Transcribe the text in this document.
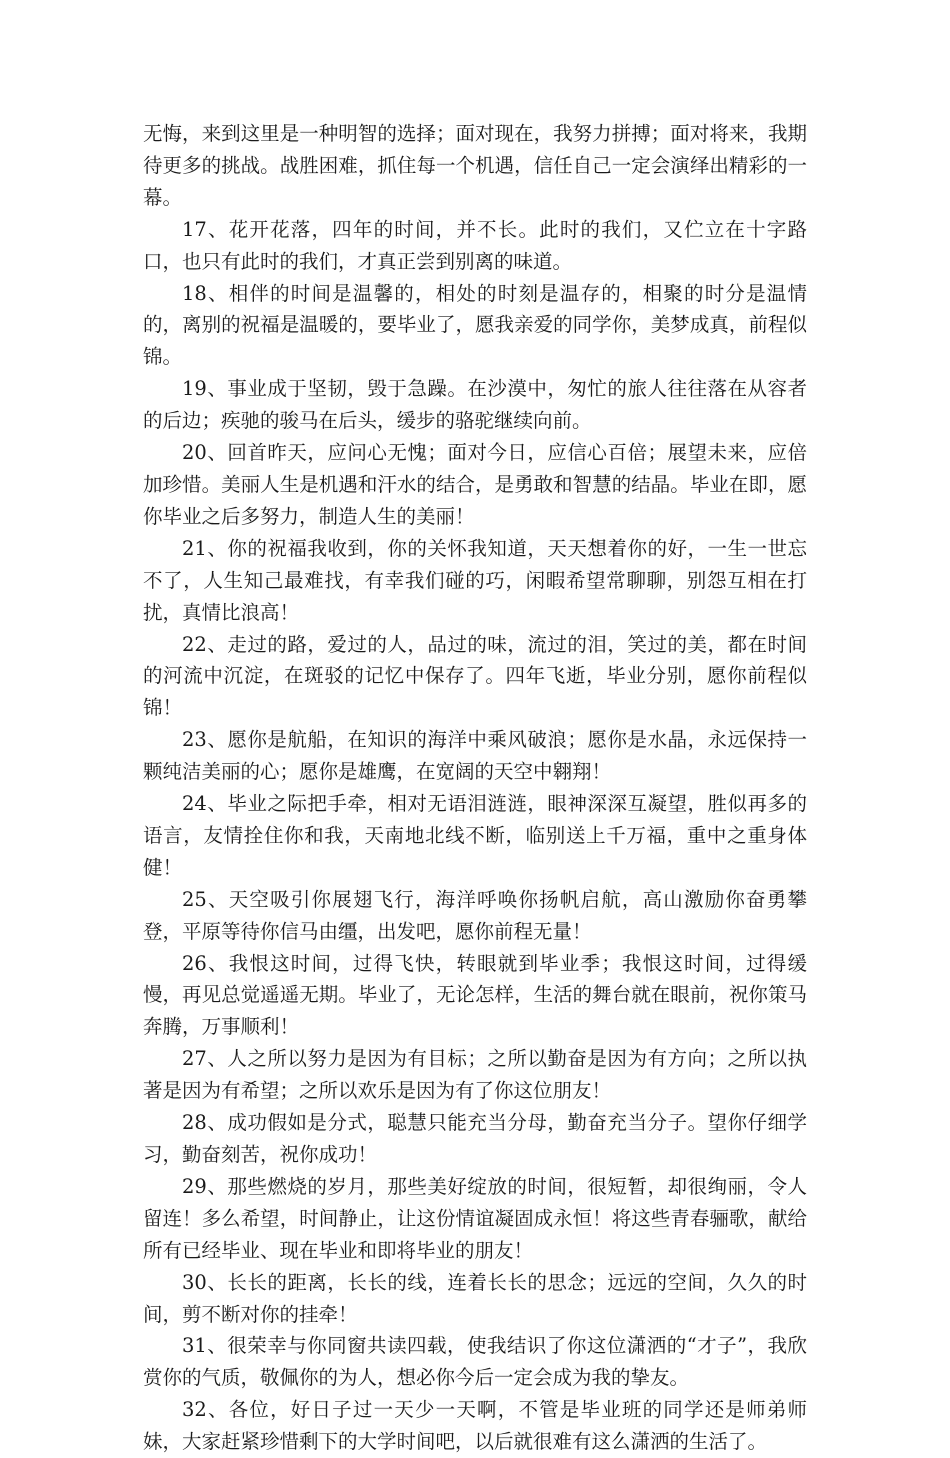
无悔，来到这里是一种明智的选择；面对现在，我努力拼搏；面对将来，我期待更多的挑战。战胜困难，抓住每一个机遇，信任自己一定会演绎出精彩的一幕。

17、花开花落，四年的时间，并不长。此时的我们，又伫立在十字路口，也只有此时的我们，才真正尝到别离的味道。

18、相伴的时间是温馨的，相处的时刻是温存的，相聚的时分是温情的，离别的祝福是温暖的，要毕业了，愿我亲爱的同学你，美梦成真，前程似锦。

19、事业成于坚韧，毁于急躁。在沙漠中，匆忙的旅人往往落在从容者的后边；疾驰的骏马在后头，缓步的骆驼继续向前。

20、回首昨天，应问心无愧；面对今日，应信心百倍；展望未来，应倍加珍惜。美丽人生是机遇和汗水的结合，是勇敢和智慧的结晶。毕业在即，愿你毕业之后多努力，制造人生的美丽！

21、你的祝福我收到，你的关怀我知道，天天想着你的好，一生一世忘不了，人生知己最难找，有幸我们碰的巧，闲暇希望常聊聊，别怨互相在打扰，真情比浪高！

22、走过的路，爱过的人，品过的味，流过的泪，笑过的美，都在时间的河流中沉淀，在斑驳的记忆中保存了。四年飞逝，毕业分别，愿你前程似锦！

23、愿你是航船，在知识的海洋中乘风破浪；愿你是水晶，永远保持一颗纯洁美丽的心；愿你是雄鹰，在宽阔的天空中翱翔！

24、毕业之际把手牵，相对无语泪涟涟，眼神深深互凝望，胜似再多的语言，友情拴住你和我，天南地北线不断，临别送上千万福，重中之重身体健！

25、天空吸引你展翅飞行，海洋呼唤你扬帆启航，高山激励你奋勇攀登，平原等待你信马由缰，出发吧，愿你前程无量！

26、我恨这时间，过得飞快，转眼就到毕业季；我恨这时间，过得缓慢，再见总觉遥遥无期。毕业了，无论怎样，生活的舞台就在眼前，祝你策马奔腾，万事顺利！

27、人之所以努力是因为有目标；之所以勤奋是因为有方向；之所以执著是因为有希望；之所以欢乐是因为有了你这位朋友！

28、成功假如是分式，聪慧只能充当分母，勤奋充当分子。望你仔细学习，勤奋刻苦，祝你成功！

29、那些燃烧的岁月，那些美好绽放的时间，很短暂，却很绚丽，令人留连！多么希望，时间静止，让这份情谊凝固成永恒！将这些青春骊歌，献给所有已经毕业、现在毕业和即将毕业的朋友！

30、长长的距离，长长的线，连着长长的思念；远远的空间，久久的时间，剪不断对你的挂牵！

31、很荣幸与你同窗共读四载，使我结识了你这位潇洒的“才子”，我欣赏你的气质，敬佩你的为人，想必你今后一定会成为我的挚友。

32、各位，好日子过一天少一天啊，不管是毕业班的同学还是师弟师妹，大家赶紧珍惜剩下的大学时间吧，以后就很难有这么潇洒的生活了。
